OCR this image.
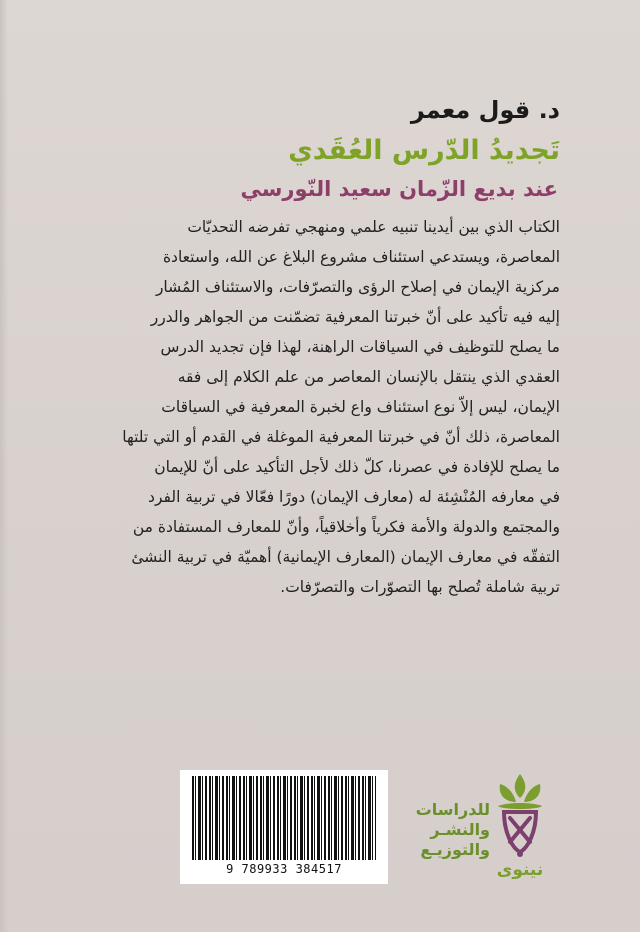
د. قول معمر
تَجديدُ الدّرس العُقَدي
عند بديع الزّمان سعيد النّورسي
الكتاب الذي بين أيدينا تنبيه علمي ومنهجي تفرضه التحديّات
المعاصرة، ويستدعي استئناف مشروع البلاغ عن الله، واستعادة
مركزية الإيمان في إصلاح الرؤى والتصرّفات، والاستئناف المُشار
إليه فيه تأكيد على أنّ خبرتنا المعرفية تضمّنت من الجواهر والدرر
ما يصلح للتوظيف في السياقات الراهنة، لهذا فإن تجديد الدرس
العقدي الذي ينتقل بالإنسان المعاصر من علم الكلام إلى فقه
الإيمان، ليس إلاّ نوع استئناف واع لخبرة المعرفية في السياقات
المعاصرة، ذلك أنّ في خبرتنا المعرفية الموغلة في القدم أو التي تلتها
ما يصلح للإفادة في عصرنا، كلّ ذلك لأجل التأكيد على أنّ للإيمان
في معارفه المُنْشِئة له (معارف الإيمان) دورًا فعّالا في تربية الفرد
والمجتمع والدولة والأمة فكرياً وأخلاقياً، وأنّ للمعارف المستفادة من
التفقّه في معارف الإيمان (المعارف الإيمانية) أهميّة في تربية النشئ
تربية شاملة تُصلح بها التصوّرات والتصرّفات.
9 789933 384517
للدراسات
والنشـر
والتوزيـع
نينوى
